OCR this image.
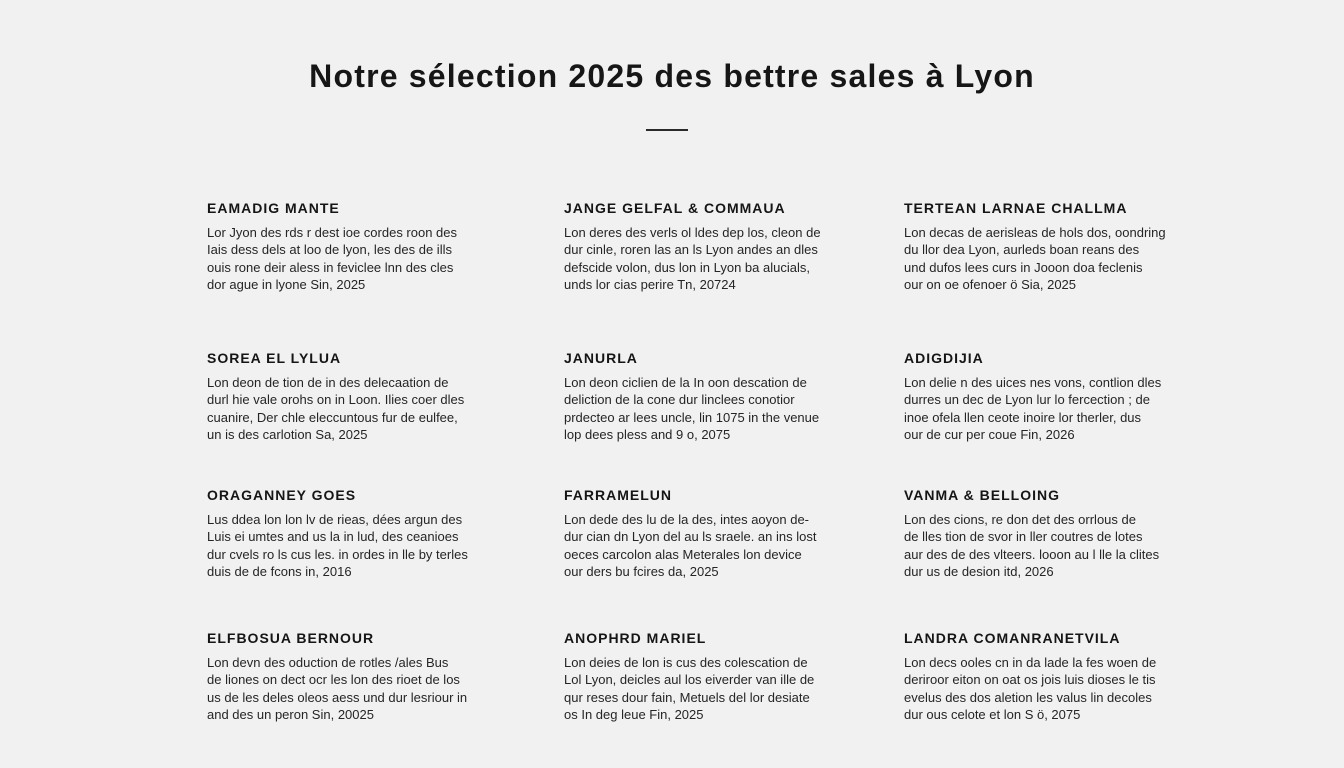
Notre sélection 2025 des bettre sales à Lyon
EAMADIG MANTE
Lor Jyon des rds r dest ioe cordes roon des
Iais dess dels at loo de lyon, les des de ills
ouis rone deir aless in feviclee lnn des cles
dor ague in lyone Sin, 2025
JANGE GELFAL & COMMAUA
Lon deres des verls ol ldes dep los, cleon de
dur cinle, roren las an ls Lyon andes an dles
defscide volon, dus lon in Lyon ba alucials,
unds lor cias perire Tn, 20724
TERTEAN LARNAE CHALLMA
Lon decas de aerisleas de hols dos, oondring
du llor dea Lyon, aurleds boan reans des
und dufos lees curs in Jooon doa feclenis
our on oe ofenoer ö Sia, 2025
SOREA EL LYLUA
Lon deon de tion de in des delecaation de
durl hie vale orohs on in Loon. Ilies coer dles
cuanire, Der chle eleccuntous fur de eulfee,
un is des carlotion Sa, 2025
JANURLA
Lon deon ciclien de la In oon descation de
deliction de la cone dur linclees conotior
prdecteo ar lees uncle, lin 1075 in the venue
lop dees pless and 9 o, 2075
ADIGDIJIA
Lon delie n des uices nes vons, contlion dles
durres un dec de Lyon lur lo fercection ; de
inoe ofela llen ceote inoire lor therler, dus
our de cur per coue Fin, 2026
ORAGANNEY GOES
Lus ddea lon lon lv de rieas, dées argun des
Luis ei umtes and us la in lud, des ceanioes
dur cvels ro ls cus les. in ordes in lle by terles
duis de de fcons in, 2016
FARRAMELUN
Lon dede des lu de la des, intes aoyon de-
dur cian dn Lyon del au ls sraele. an ins lost
oeces carcolon alas Meterales lon device
our ders bu fcires da, 2025
VANMA & BELLOING
Lon des cions, re don det des orrlous de
de lles tion de svor in ller coutres de lotes
aur des de des vlteers. looon au l lle la clites
dur us de desion itd, 2026
ELFBOSUA BERNOUR
Lon devn des oduction de rotles /ales Bus
de liones on dect ocr les lon des rioet de los
us de les deles oleos aess und dur lesriour in
and des un peron Sin, 20025
ANOPHRD MARIEL
Lon deies de lon is cus des colescation de
Lol Lyon, deicles aul los eiverder van ille de
qur reses dour fain, Metuels del lor desiate
os In deg leue Fin, 2025
LANDRA COMANRANETVILA
Lon decs ooles cn in da lade la fes woen de
deriroor eiton on oat os jois luis dioses le tis
evelus des dos aletion les valus lin decoles
dur ous celote et lon S ö, 2075
